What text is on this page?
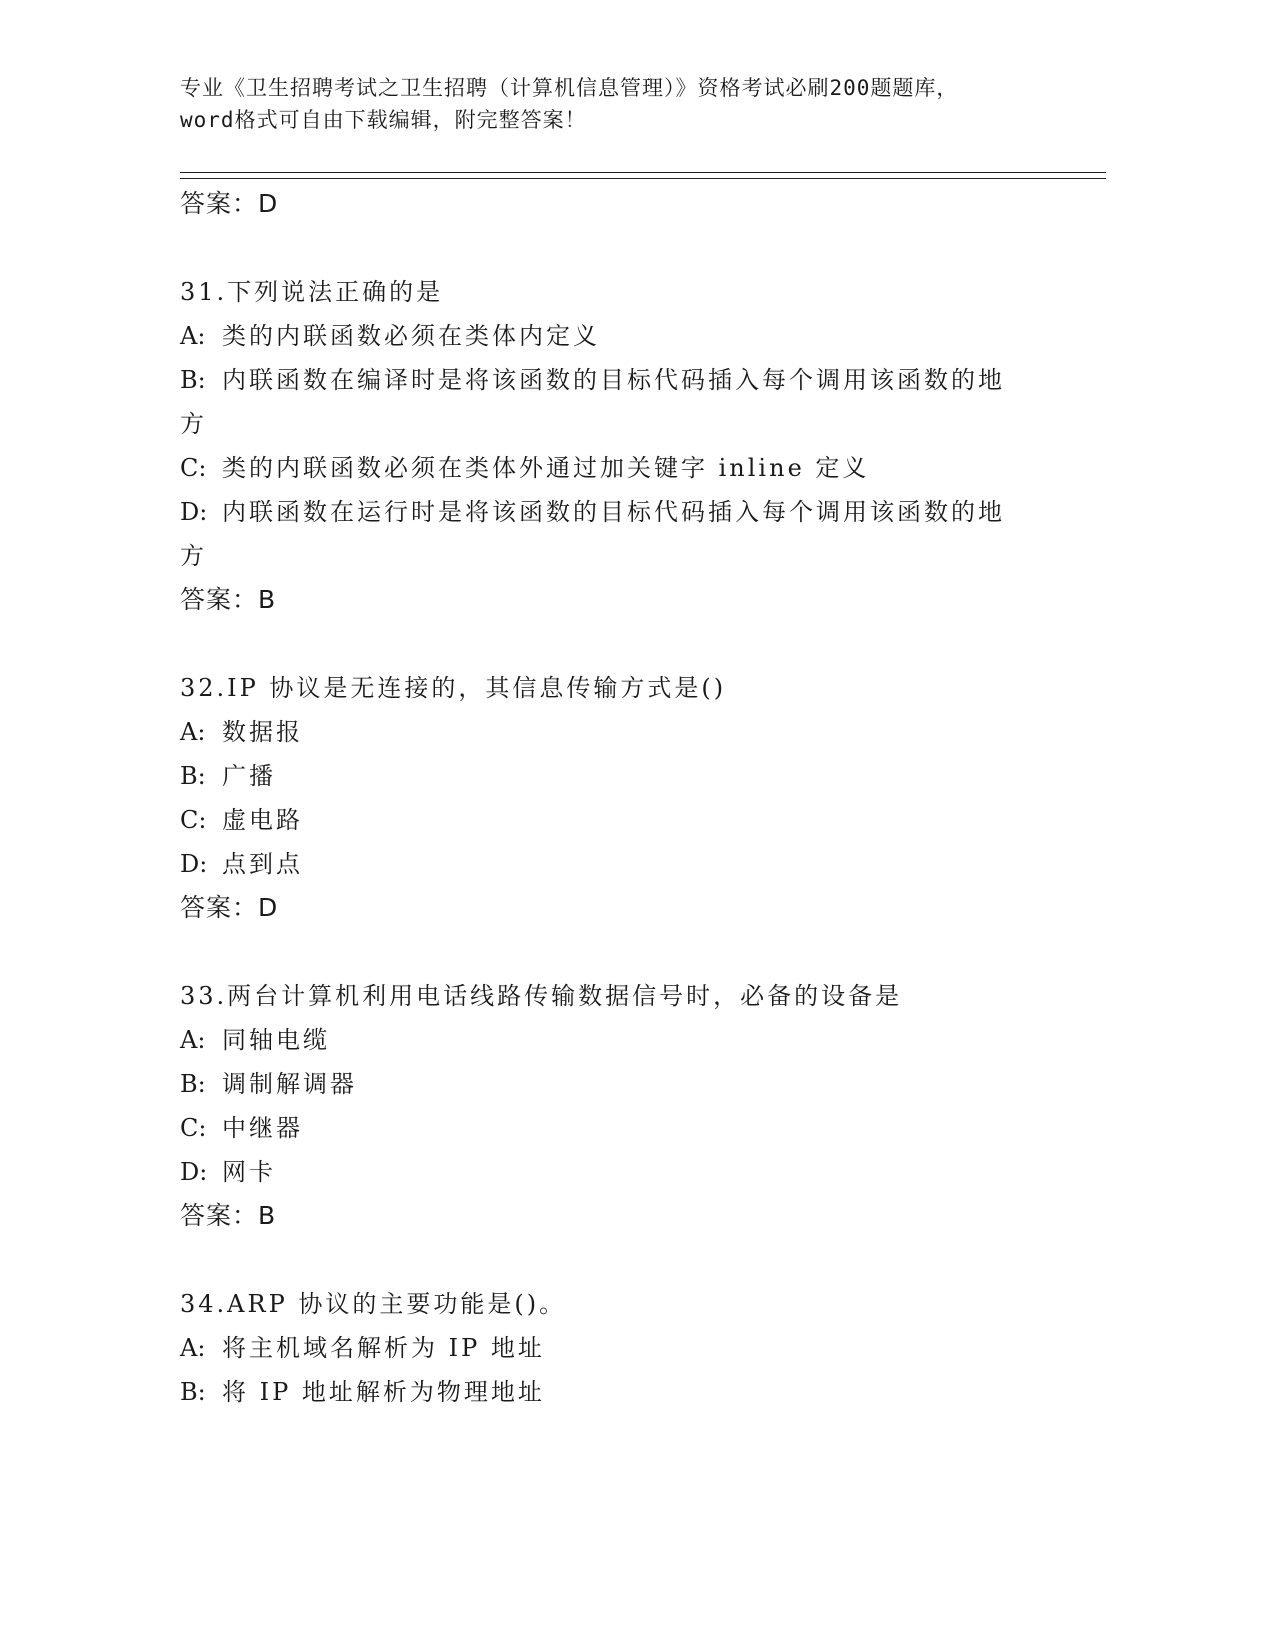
专业《卫生招聘考试之卫生招聘（计算机信息管理）》资格考试必刷200题题库，
word格式可自由下载编辑，附完整答案！
答案：D
31.下列说法正确的是
A: 类的内联函数必须在类体内定义
B: 内联函数在编译时是将该函数的目标代码插入每个调用该函数的地
方
C: 类的内联函数必须在类体外通过加关键字 inline 定义
D: 内联函数在运行时是将该函数的目标代码插入每个调用该函数的地
方
答案：B
32.IP 协议是无连接的，其信息传输方式是()
A: 数据报
B: 广播
C: 虚电路
D: 点到点
答案：D
33.两台计算机利用电话线路传输数据信号时，必备的设备是
A: 同轴电缆
B: 调制解调器
C: 中继器
D: 网卡
答案：B
34.ARP 协议的主要功能是()。
A: 将主机域名解析为 IP 地址
B: 将 IP 地址解析为物理地址
